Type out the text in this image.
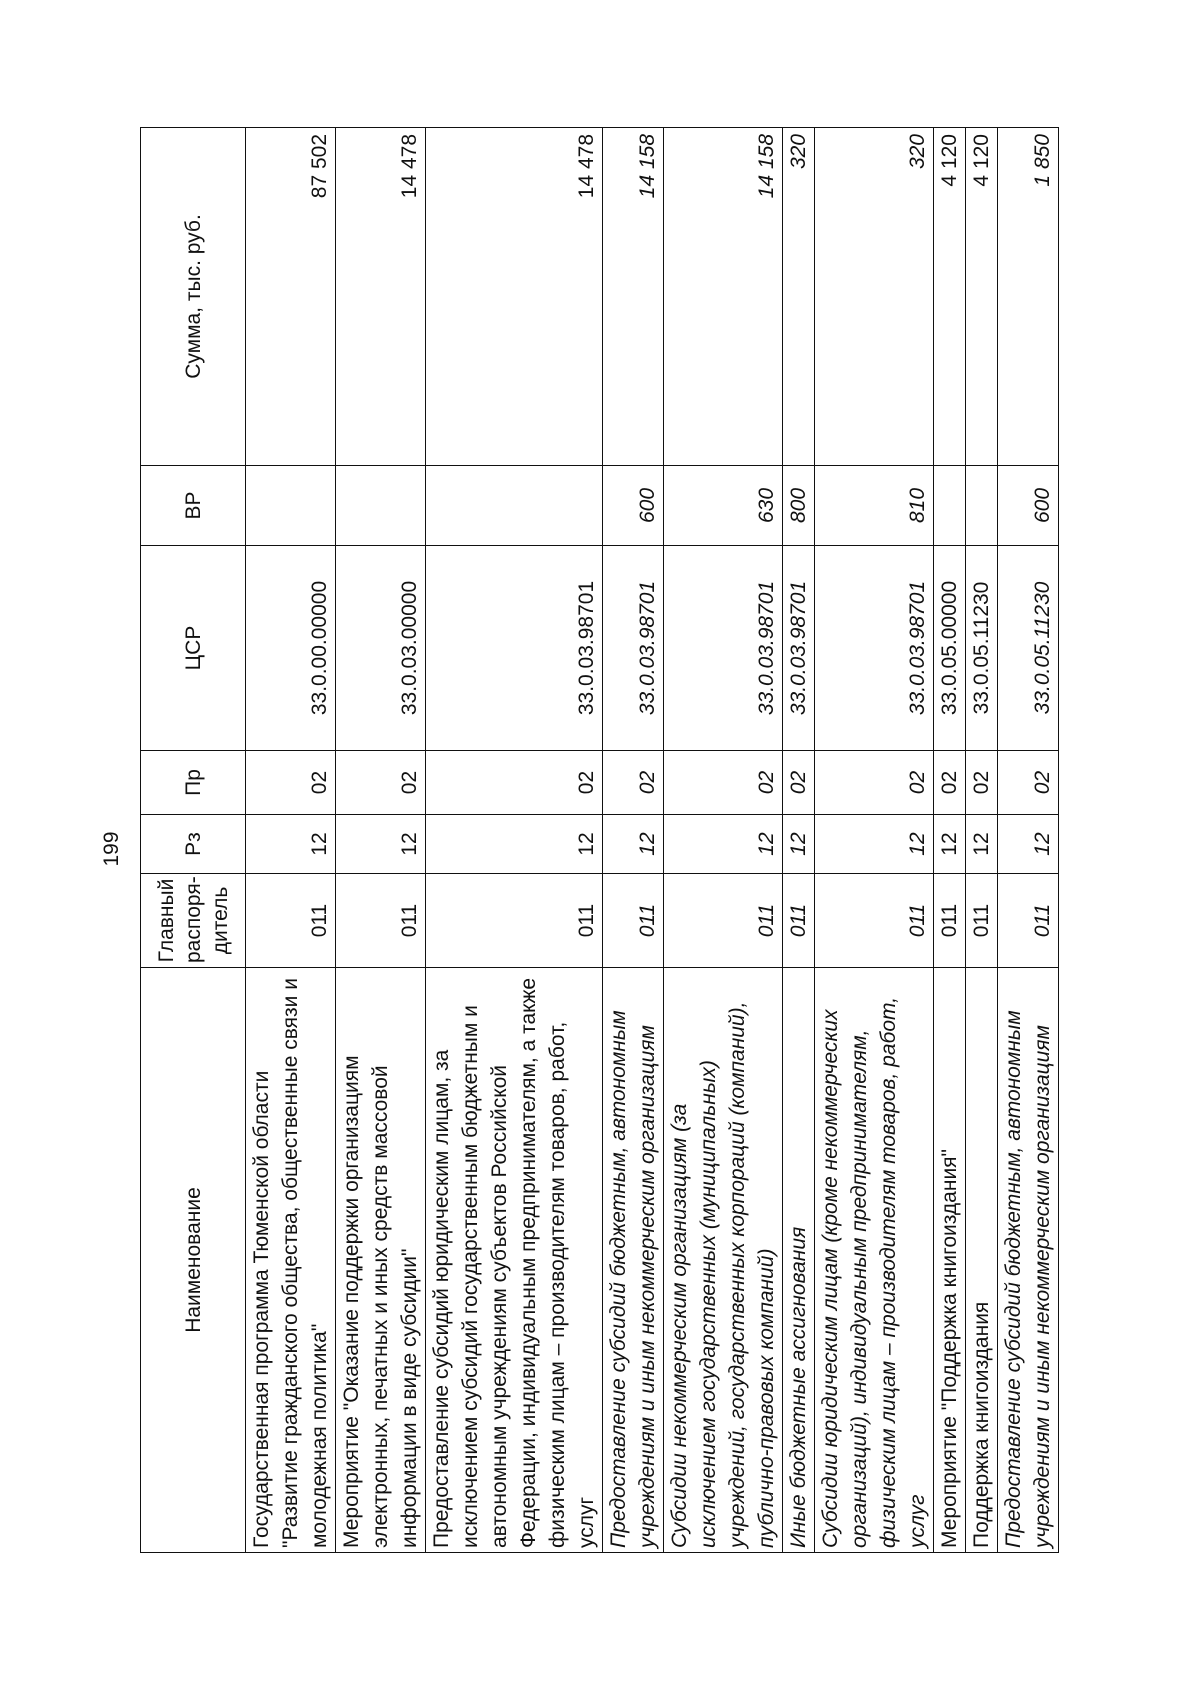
199
Наименование	Главный распоря-дитель	Рз	Пр	ЦСР	ВР	Сумма, тыс. руб.
Государственная программа Тюменской области "Развитие гражданского общества, общественные связи и молодежная политика"	011	12	02	33.0.00.00000		87 502
Мероприятие "Оказание поддержки организациям электронных, печатных и иных средств массовой информации в виде субсидии"	011	12	02	33.0.03.00000		14 478
Предоставление субсидий юридическим лицам, за исключением субсидий государственным бюджетным и автономным учреждениям субъектов Российской Федерации, индивидуальным предпринимателям, а также физическим лицам – производителям товаров, работ, услуг	011	12	02	33.0.03.98701		14 478
Предоставление субсидий бюджетным, автономным учреждениям и иным некоммерческим организациям	011	12	02	33.0.03.98701	600	14 158
Субсидии некоммерческим организациям (за исключением государственных (муниципальных) учреждений, государственных корпораций (компаний), публично-правовых компаний)	011	12	02	33.0.03.98701	630	14 158
Иные бюджетные ассигнования	011	12	02	33.0.03.98701	800	320
Субсидии юридическим лицам (кроме некоммерческих организаций), индивидуальным предпринимателям, физическим лицам – производителям товаров, работ, услуг	011	12	02	33.0.03.98701	810	320
Мероприятие "Поддержка книгоиздания"	011	12	02	33.0.05.00000		4 120
Поддержка книгоиздания	011	12	02	33.0.05.11230		4 120
Предоставление субсидий бюджетным, автономным учреждениям и иным некоммерческим организациям	011	12	02	33.0.05.11230	600	1 850
